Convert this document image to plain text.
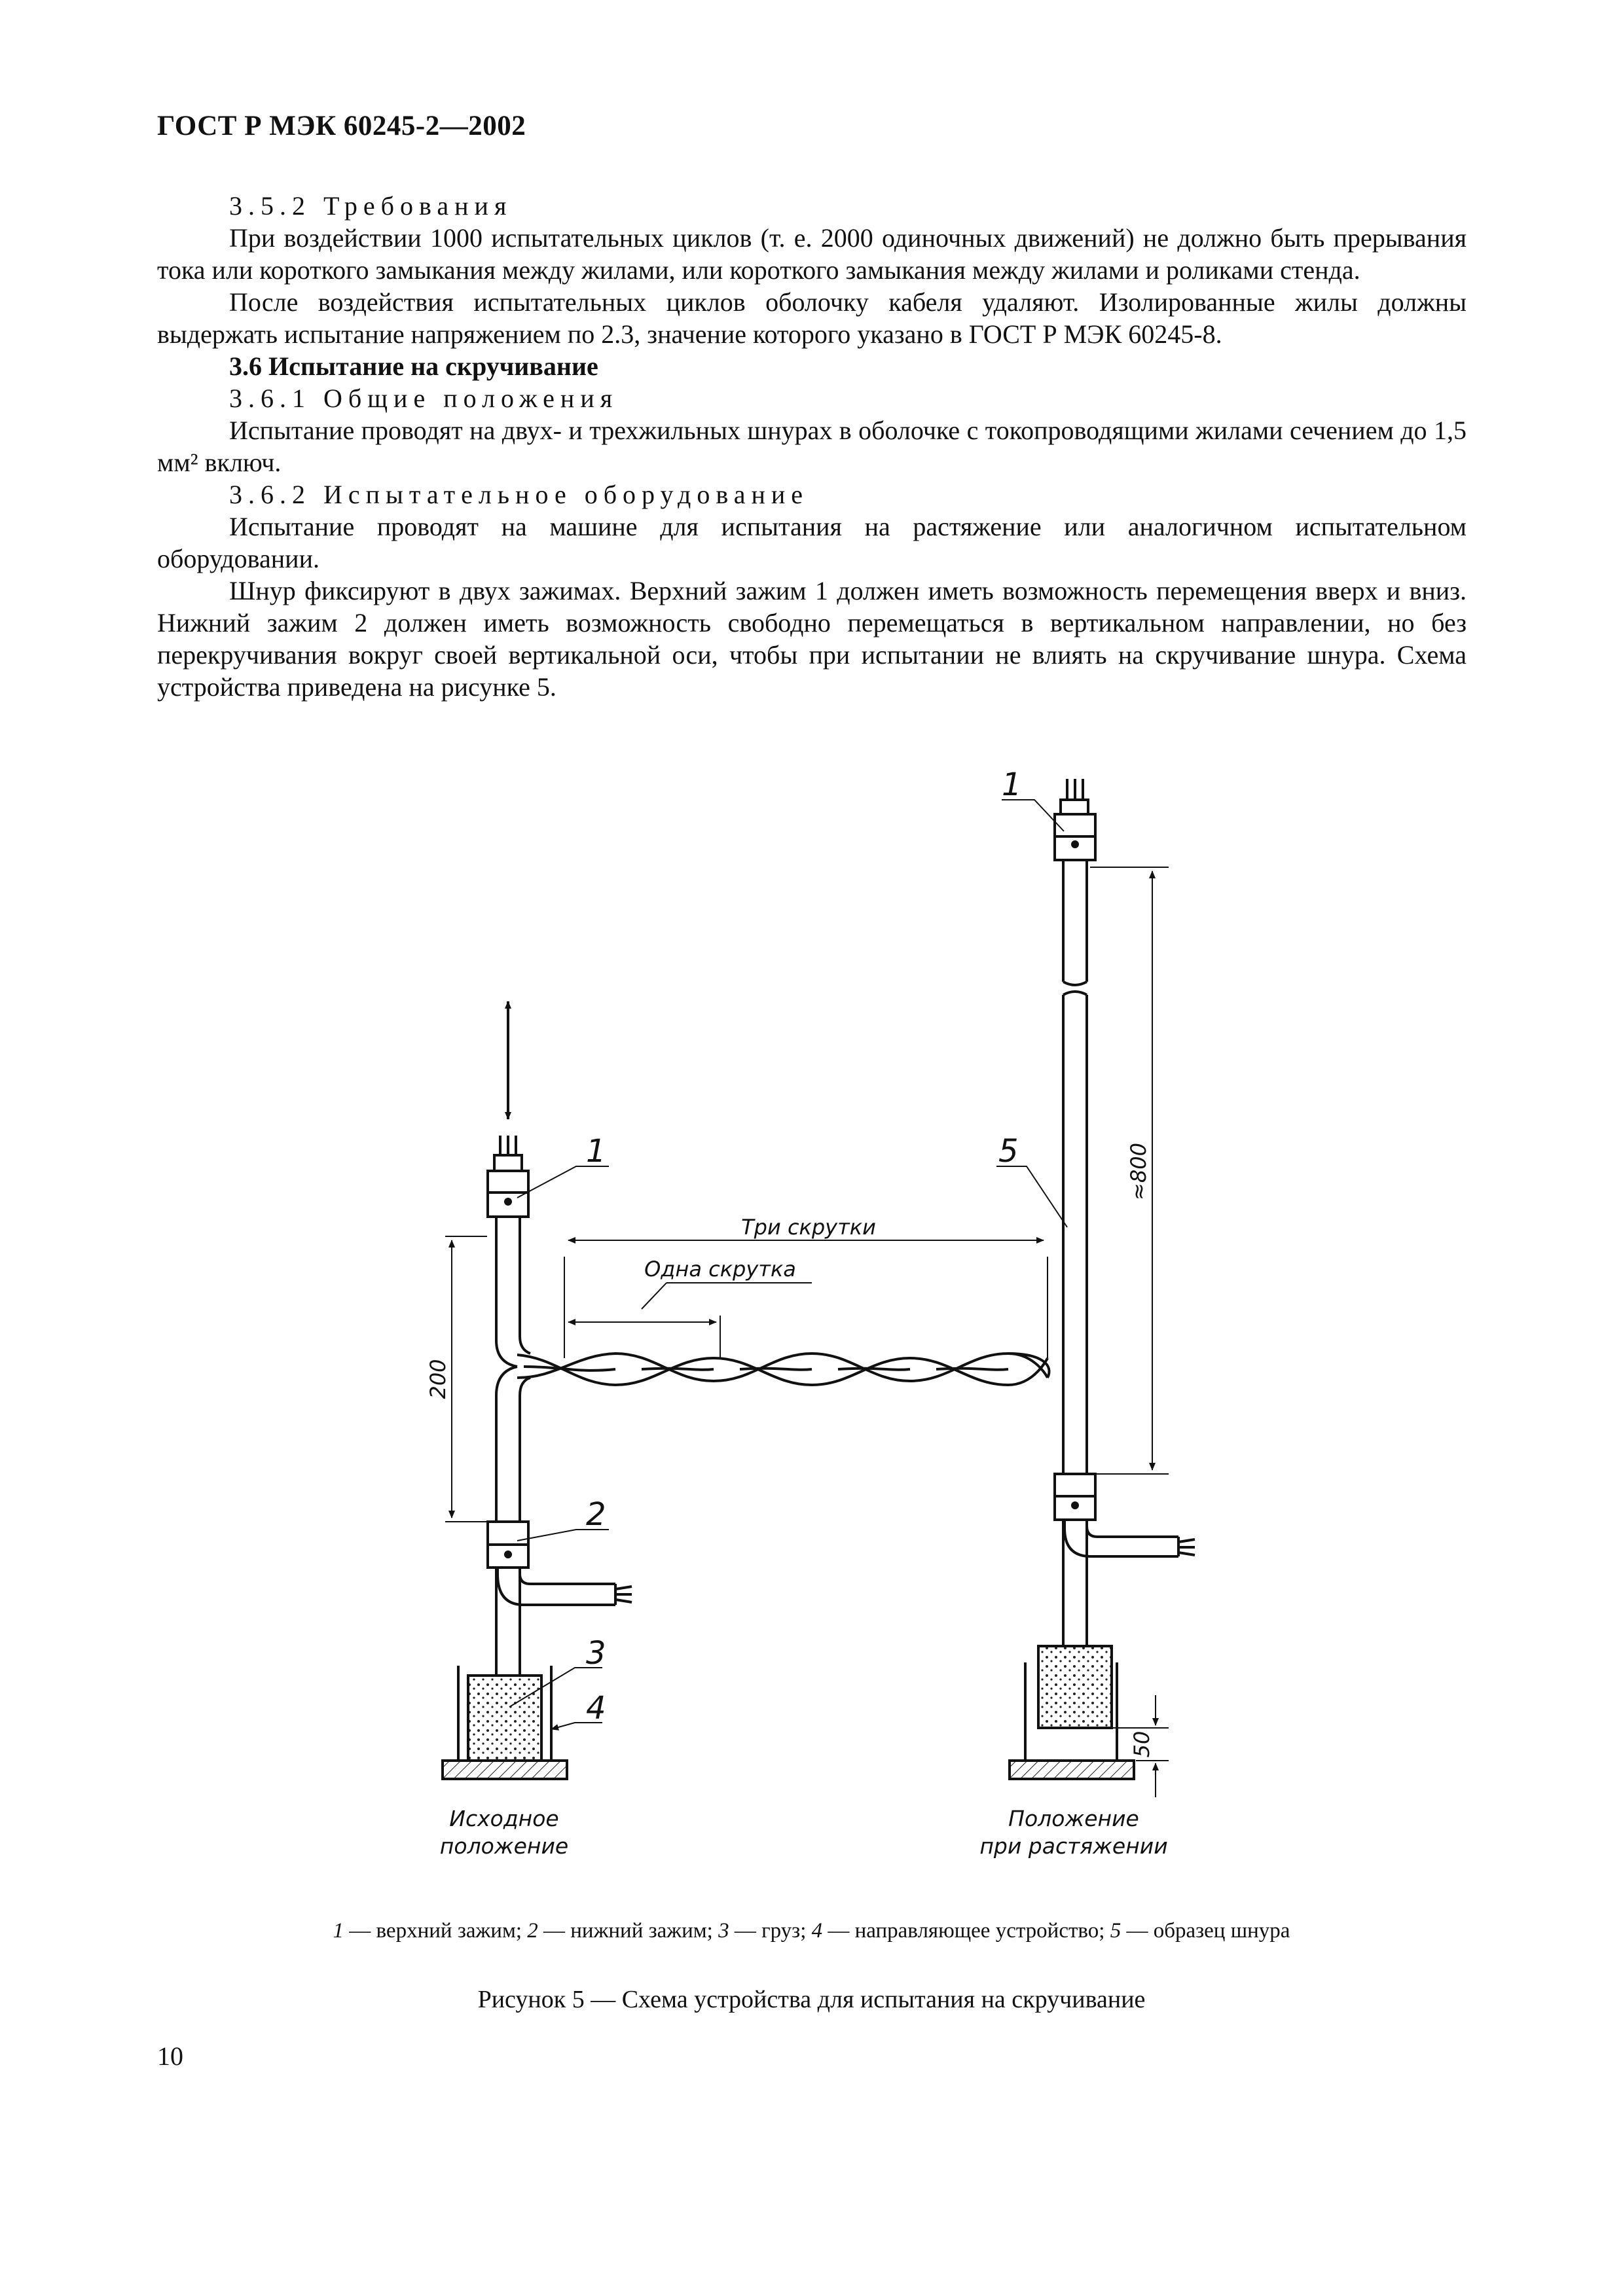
ГОСТ Р МЭК 60245-2—2002

3.5.2 Требования

При воздействии 1000 испытательных циклов (т. е. 2000 одиночных движений) не должно быть прерывания тока или короткого замыкания между жилами, или короткого замыкания между жилами и роликами стенда.

После воздействия испытательных циклов оболочку кабеля удаляют. Изолированные жилы должны выдержать испытание напряжением по 2.3, значение которого указано в ГОСТ Р МЭК 60245-8.

3.6 Испытание на скручивание

3.6.1 Общие положения

Испытание проводят на двух- и трехжильных шнурах в оболочке с токопроводящими жилами сечением до 1,5 мм² включ.

3.6.2 Испытательное оборудование

Испытание проводят на машине для испытания на растяжение или аналогичном испытательном оборудовании.

Шнур фиксируют в двух зажимах. Верхний зажим 1 должен иметь возможность перемещения вверх и вниз. Нижний зажим 2 должен иметь возможность свободно перемещаться в вертикальном направлении, но без перекручивания вокруг своей вертикальной оси, чтобы при испытании не влиять на скручивание шнура. Схема устройства приведена на рисунке 5.

1
2
3
4
1
5
Три скрутки
Одна скрутка
200
≈800
50
Исходное
положение
Положение
при растяжении
1 — верхний зажим; 2 — нижний зажим; 3 — груз; 4 — направляющее устройство; 5 — образец шнура
Рисунок 5 — Схема устройства для испытания на скручивание
10
